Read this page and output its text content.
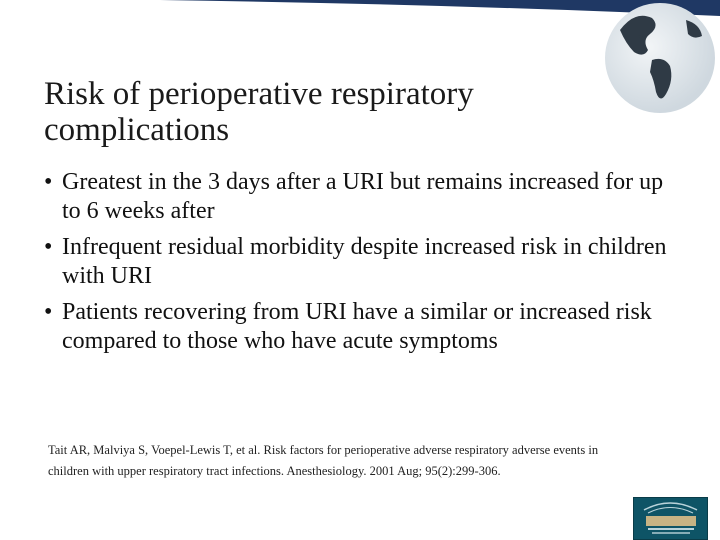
Risk of perioperative respiratory complications
• Greatest in the 3 days after a URI but remains increased for up to 6 weeks after
• Infrequent residual morbidity despite increased risk in children with URI
• Patients recovering from URI have a similar or increased risk compared to those who have acute symptoms
Tait AR, Malviya S, Voepel-Lewis T, et al. Risk factors for perioperative adverse respiratory adverse events in
children with upper respiratory tract infections. Anesthesiology. 2001 Aug; 95(2):299-306.
